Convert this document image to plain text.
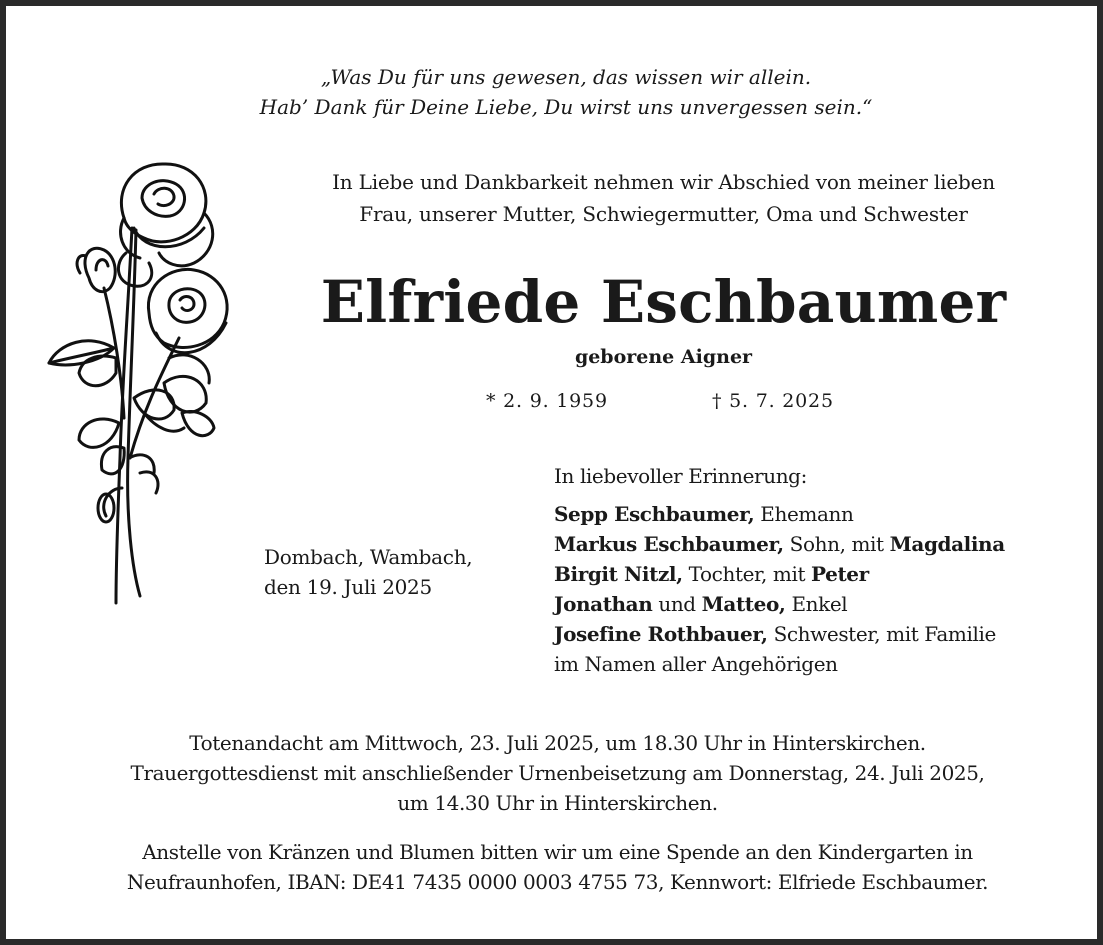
„Was Du für uns gewesen, das wissen wir allein.
Hab’ Dank für Deine Liebe, Du wirst uns unvergessen sein.“
In Liebe und Dankbarkeit nehmen wir Abschied von meiner lieben
Frau, unserer Mutter, Schwiegermutter, Oma und Schwester
Elfriede Eschbaumer
geborene Aigner
* 2. 9. 1959	† 5. 7. 2025
Dombach, Wambach,
den 19. Juli 2025
In liebevoller Erinnerung:
Sepp Eschbaumer, Ehemann
Markus Eschbaumer, Sohn, mit Magdalina
Birgit Nitzl, Tochter, mit Peter
Jonathan und Matteo, Enkel
Josefine Rothbauer, Schwester, mit Familie
im Namen aller Angehörigen
Totenandacht am Mittwoch, 23. Juli 2025, um 18.30 Uhr in Hinterskirchen.
Trauergottesdienst mit anschließender Urnenbeisetzung am Donnerstag, 24. Juli 2025,
um 14.30 Uhr in Hinterskirchen.
Anstelle von Kränzen und Blumen bitten wir um eine Spende an den Kindergarten in
Neufraunhofen, IBAN: DE41 7435 0000 0003 4755 73, Kennwort: Elfriede Eschbaumer.
